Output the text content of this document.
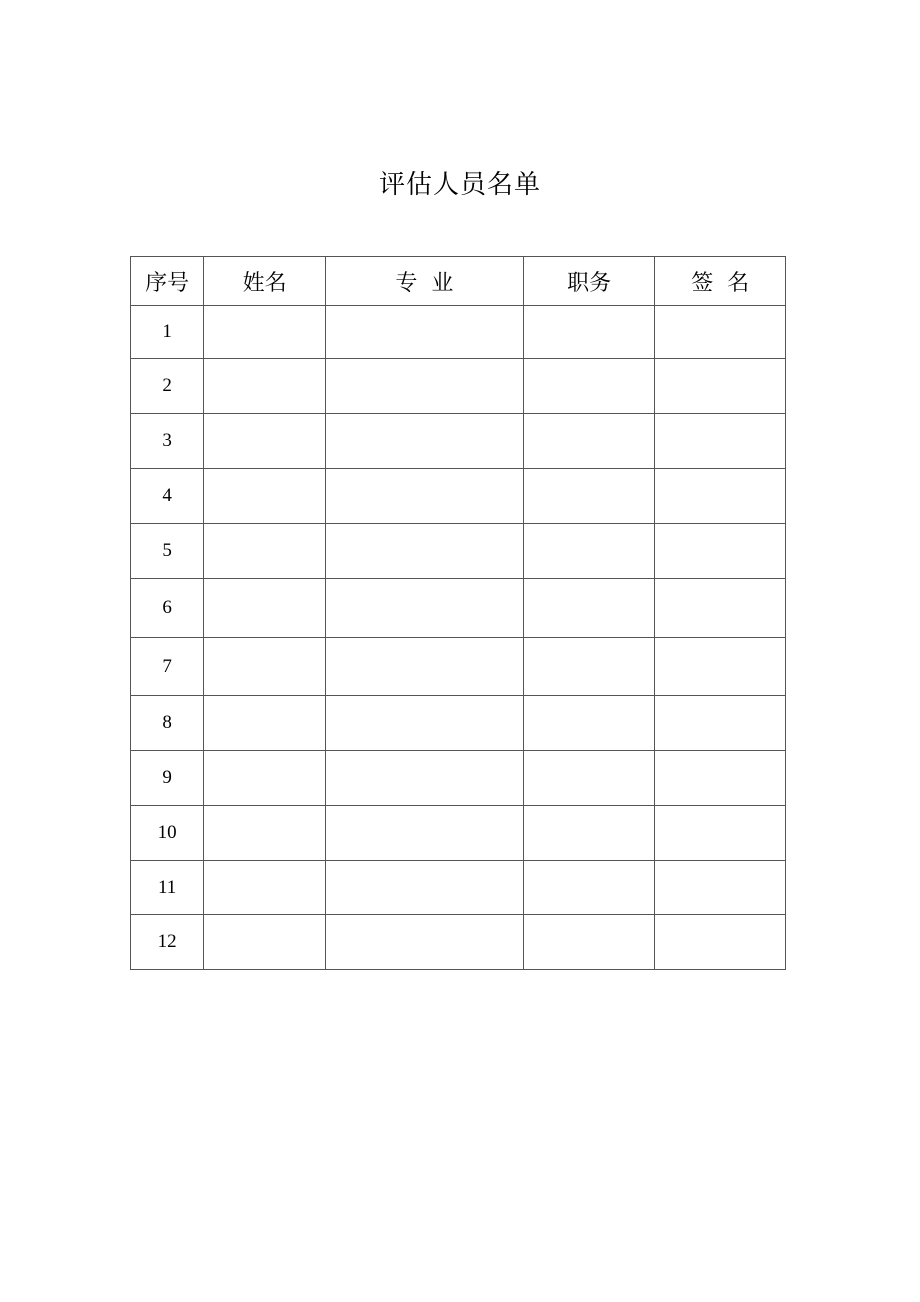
评估人员名单
序号	姓名	专  业	职务	签  名
1				
2				
3				
4				
5				
6				
7				
8				
9				
10				
11				
12				
